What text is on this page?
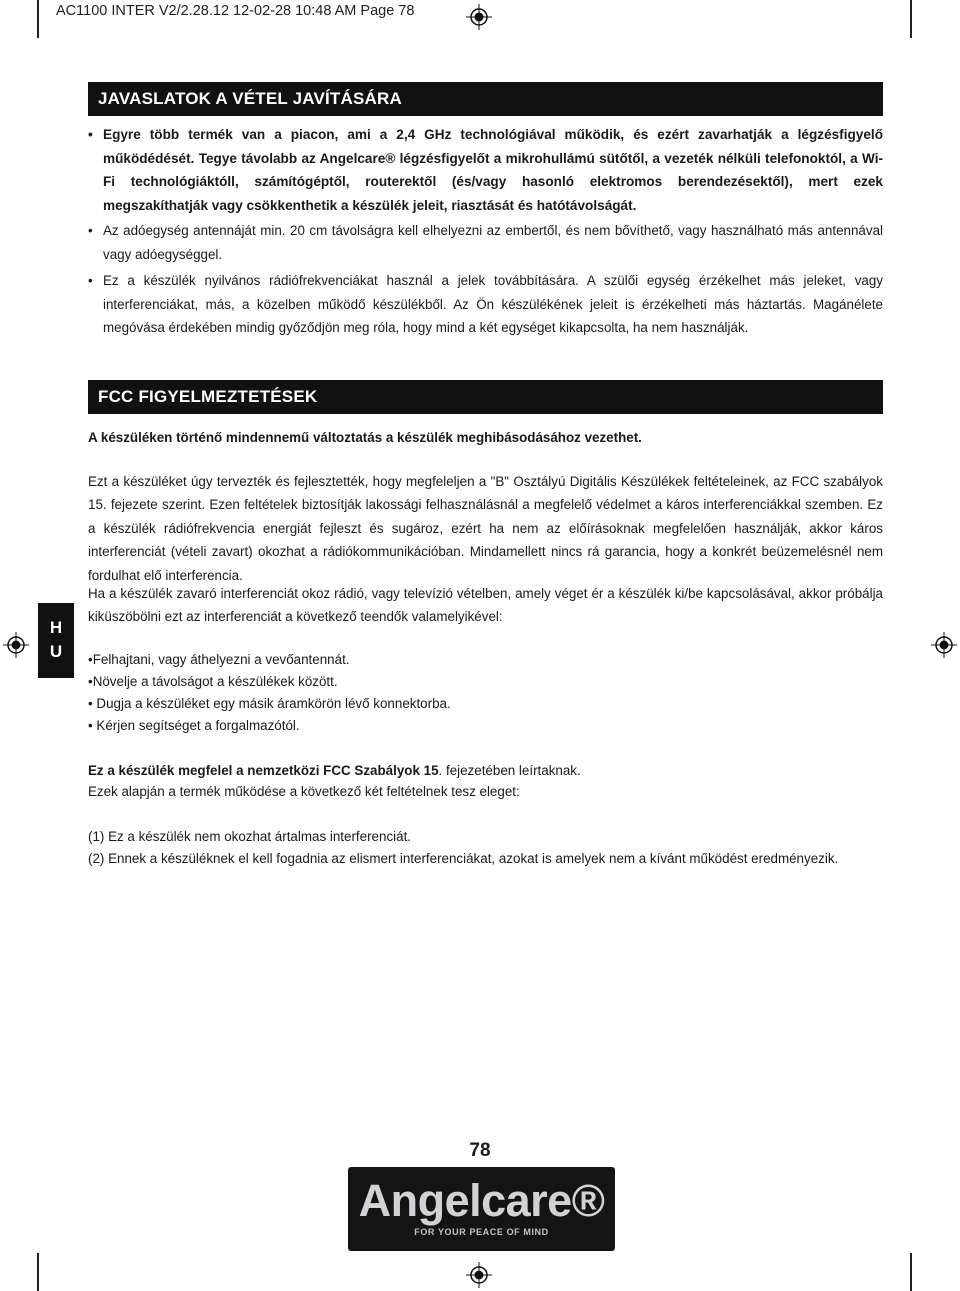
AC1100 INTER V2/2.28.12 12-02-28 10:48 AM Page 78
JAVASLATOK A VÉTEL JAVÍTÁSÁRA
• Egyre több termék van a piacon, ami a 2,4 GHz technológiával működik, és ezért zavarhatják a légzésfigyelő működédését. Tegye távolabb az Angelcare® légzésfigyelőt a mikrohullámú sütőtől, a vezeték nélküli telefonoktól, a Wi-Fi technológiáktóll, számítógéptől, routerektől (és/vagy hasonló elektromos berendezésektől), mert ezek megszakíthatják vagy csökkenthetik a készülék jeleit, riasztását és hatótávolságát.
• Az adóegység antennáját min. 20 cm távolságra kell elhelyezni az embertől, és nem bővíthető, vagy használható más antennával vagy adóegységgel.
• Ez a készülék nyilvános rádiófrekvenciákat használ a jelek továbbítására. A szülői egység érzékelhet más jeleket, vagy interferenciákat, más, a közelben működő készülékből. Az Ön készülékének jeleit is érzékelheti más háztartás. Magánélete megóvása érdekében mindig győződjön meg róla, hogy mind a két egységet kikapcsolta, ha nem használják.
FCC FIGYELMEZTETÉSEK

A készüléken történő mindennemű változtatás a készülék meghibásodásához vezethet.

Ezt a készüléket úgy tervezték és fejlesztették, hogy megfeleljen a "B" Osztályú Digitális Készülékek feltételeinek, az FCC szabályok 15. fejezete szerint. Ezen feltételek biztosítják lakossági felhasználásnál a megfelelő védelmet a káros interferenciákkal szemben. Ez a készülék rádiófrekvencia energiát fejleszt és sugároz, ezért ha nem az előírásoknak megfelelően használják, akkor káros interferenciát (vételi zavart) okozhat a rádiókommunikációban. Mindamellett nincs rá garancia, hogy a konkrét beüzemelésnél nem fordulhat elő interferencia.

Ha a készülék zavaró interferenciát okoz rádió, vagy televízió vételben, amely véget ér a készülék ki/be kapcsolásával, akkor próbálja kiküszöbölni ezt az interferenciát a következő teendők valamelyikével:

•Felhajtani, vagy áthelyezni a vevőantennát.

•Növelje a távolságot a készülékek között.

• Dugja a készüléket egy másik áramkörön lévő konnektorba.

• Kérjen segítséget a forgalmazótól.

Ez a készülék megfelel a nemzetközi FCC Szabályok 15. fejezetében leírtaknak.

Ezek alapján a termék működése a következő két feltételnek tesz eleget:

(1) Ez a készülék nem okozhat ártalmas interferenciát.

(2) Ennek a készüléknek el kell fogadnia az elismert interferenciákat, azokat is amelyek nem a kívánt működést eredményezik.

H
U
78
Angelcare®
FOR YOUR PEACE OF MIND
